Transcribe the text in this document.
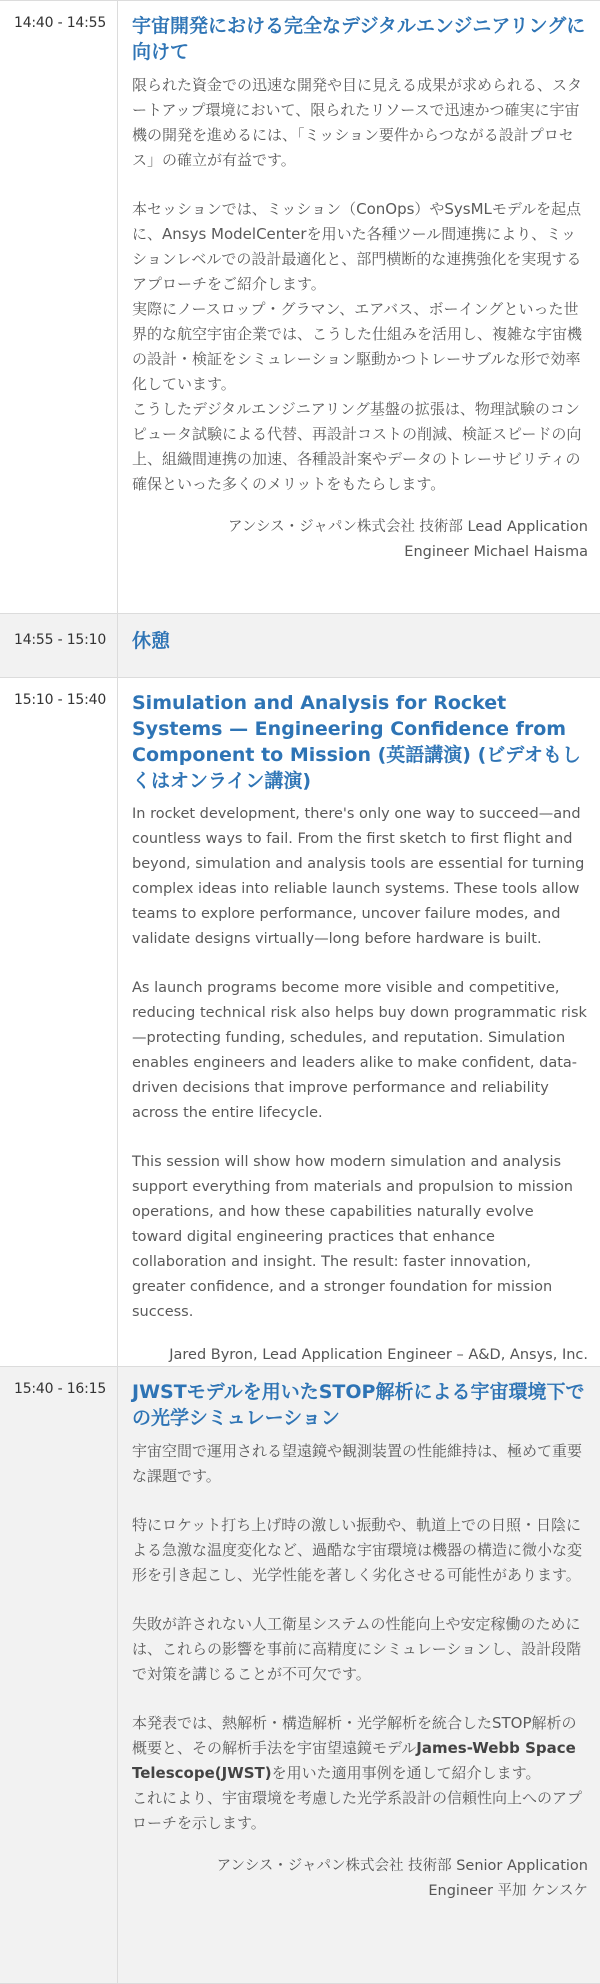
14:40 - 14:55	宇宙開発における完全なデジタルエンジニアリングに向けて

限られた資金での迅速な開発や目に見える成果が求められる、スタートアップ環境において、限られたリソースで迅速かつ確実に宇宙機の開発を進めるには、「ミッション要件からつながる設計プロセス」の確立が有益です。

本セッションでは、ミッション（ConOps）やSysMLモデルを起点に、Ansys ModelCenterを用いた各種ツール間連携により、ミッションレベルでの設計最適化と、部門横断的な連携強化を実現するアプローチをご紹介します。

実際にノースロップ・グラマン、エアバス、ボーイングといった世界的な航空宇宙企業では、こうした仕組みを活用し、複雑な宇宙機の設計・検証をシミュレーション駆動かつトレーサブルな形で効率化しています。

こうしたデジタルエンジニアリング基盤の拡張は、物理試験のコンピュータ試験による代替、再設計コストの削減、検証スピードの向上、組織間連携の加速、各種設計案やデータのトレーサビリティの確保といった多くのメリットをもたらします。

アンシス・ジャパン株式会社 技術部 Lead Application
Engineer Michael Haisma
14:55 - 15:10	休憩
15:10 - 15:40	Simulation and Analysis for Rocket Systems — Engineering Confidence from Component to Mission (英語講演) (ビデオもしくはオンライン講演)

In rocket development, there's only one way to succeed—and countless ways to fail. From the first sketch to first flight and beyond, simulation and analysis tools are essential for turning complex ideas into reliable launch systems. These tools allow teams to explore performance, uncover failure modes, and validate designs virtually—long before hardware is built.

As launch programs become more visible and competitive, reducing technical risk also helps buy down programmatic risk—protecting funding, schedules, and reputation. Simulation enables engineers and leaders alike to make confident, data-driven decisions that improve performance and reliability across the entire lifecycle.

This session will show how modern simulation and analysis support everything from materials and propulsion to mission operations, and how these capabilities naturally evolve toward digital engineering practices that enhance collaboration and insight. The result: faster innovation, greater confidence, and a stronger foundation for mission success.

Jared Byron, Lead Application Engineer – A&D, Ansys, Inc.
15:40 - 16:15	JWSTモデルを用いたSTOP解析による宇宙環境下での光学シミュレーション

宇宙空間で運用される望遠鏡や観測装置の性能維持は、極めて重要な課題です。

特にロケット打ち上げ時の激しい振動や、軌道上での日照・日陰による急激な温度変化など、過酷な宇宙環境は機器の構造に微小な変形を引き起こし、光学性能を著しく劣化させる可能性があります。

失敗が許されない人工衛星システムの性能向上や安定稼働のためには、これらの影響を事前に高精度にシミュレーションし、設計段階で対策を講じることが不可欠です。

本発表では、熱解析・構造解析・光学解析を統合したSTOP解析の概要と、その解析手法を宇宙望遠鏡モデルJames-Webb Space Telescope(JWST)を用いた適用事例を通して紹介します。

これにより、宇宙環境を考慮した光学系設計の信頼性向上へのアプローチを示します。

アンシス・ジャパン株式会社 技術部 Senior Application
Engineer 平加 ケンスケ
